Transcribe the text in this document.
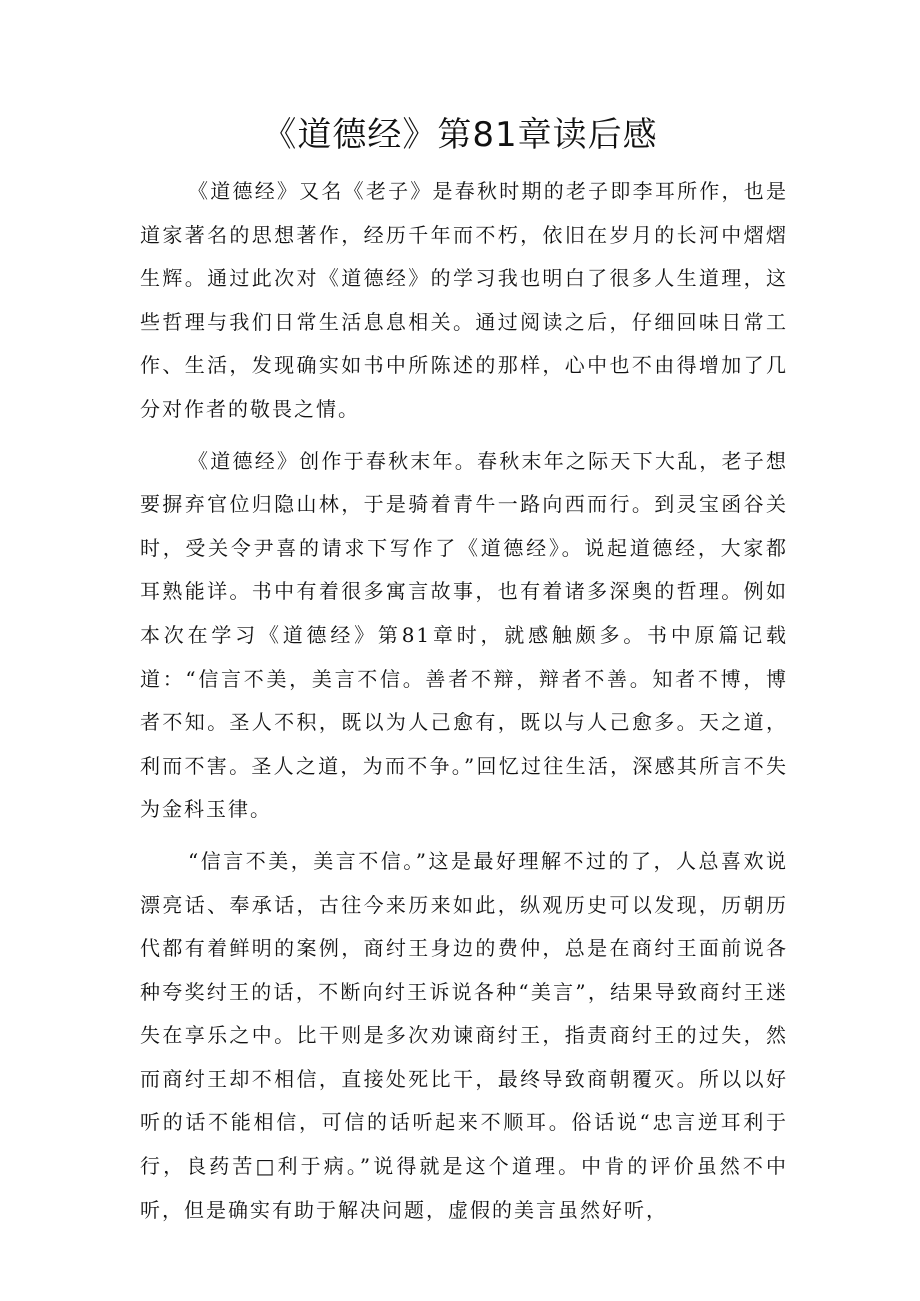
《道德经》第81章读后感

《道德经》又名《老子》是春秋时期的老子即李耳所作，也是道家著名的思想著作，经历千年而不朽，依旧在岁月的长河中熠熠生辉。通过此次对《道德经》的学习我也明白了很多人生道理，这些哲理与我们日常生活息息相关。通过阅读之后，仔细回味日常工作、生活，发现确实如书中所陈述的那样，心中也不由得增加了几分对作者的敬畏之情。

《道德经》创作于春秋末年。春秋末年之际天下大乱，老子想要摒弃官位归隐山林，于是骑着青牛一路向西而行。到灵宝函谷关时，受关令尹喜的请求下写作了《道德经》。说起道德经，大家都耳熟能详。书中有着很多寓言故事，也有着诸多深奥的哲理。例如本次在学习《道德经》第81章时，就感触颇多。书中原篇记载道：“信言不美，美言不信。善者不辩，辩者不善。知者不博，博者不知。圣人不积，既以为人己愈有，既以与人己愈多。天之道，利而不害。圣人之道，为而不争。”回忆过往生活，深感其所言不失为金科玉律。

“信言不美，美言不信。”这是最好理解不过的了，人总喜欢说漂亮话、奉承话，古往今来历来如此，纵观历史可以发现，历朝历代都有着鲜明的案例，商纣王身边的费仲，总是在商纣王面前说各种夸奖纣王的话，不断向纣王诉说各种“美言”，结果导致商纣王迷失在享乐之中。比干则是多次劝谏商纣王，指责商纣王的过失，然而商纣王却不相信，直接处死比干，最终导致商朝覆灭。所以以好听的话不能相信，可信的话听起来不顺耳。俗话说“忠言逆耳利于行，良药苦□利于病。”说得就是这个道理。中肯的评价虽然不中听，但是确实有助于解决问题，虚假的美言虽然好听，
